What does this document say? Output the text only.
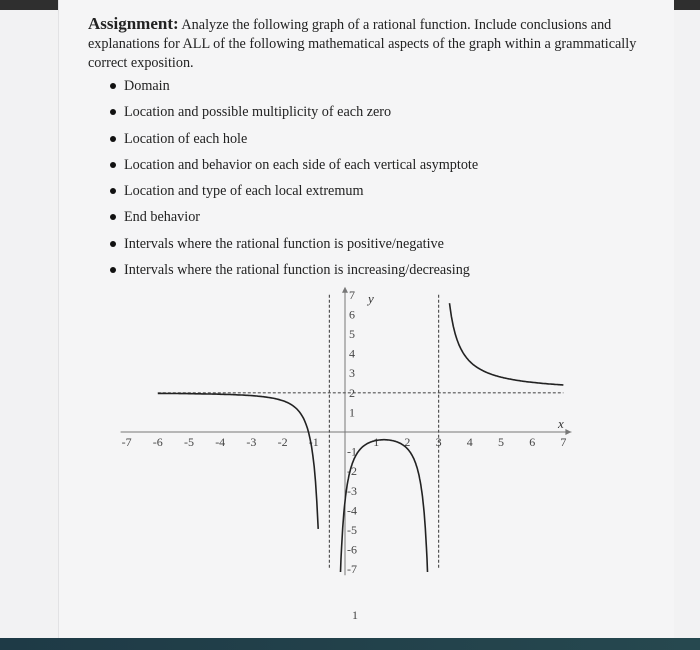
Assignment: Analyze the following graph of a rational function. Include conclusions and explanations for ALL of the following mathematical aspects of the graph within a grammatically correct exposition.
Domain
Location and possible multiplicity of each zero
Location of each hole
Location and behavior on each side of each vertical asymptote
Location and type of each local extremum
End behavior
Intervals where the rational function is positive/negative
Intervals where the rational function is increasing/decreasing
-7 -6 -5 -4 -3 -2 -1	1 2 3 4 5 6 7
7
6
5
4
3
2
1
-1
-2
-3
-4
-5
-6
-7
y
x
1
